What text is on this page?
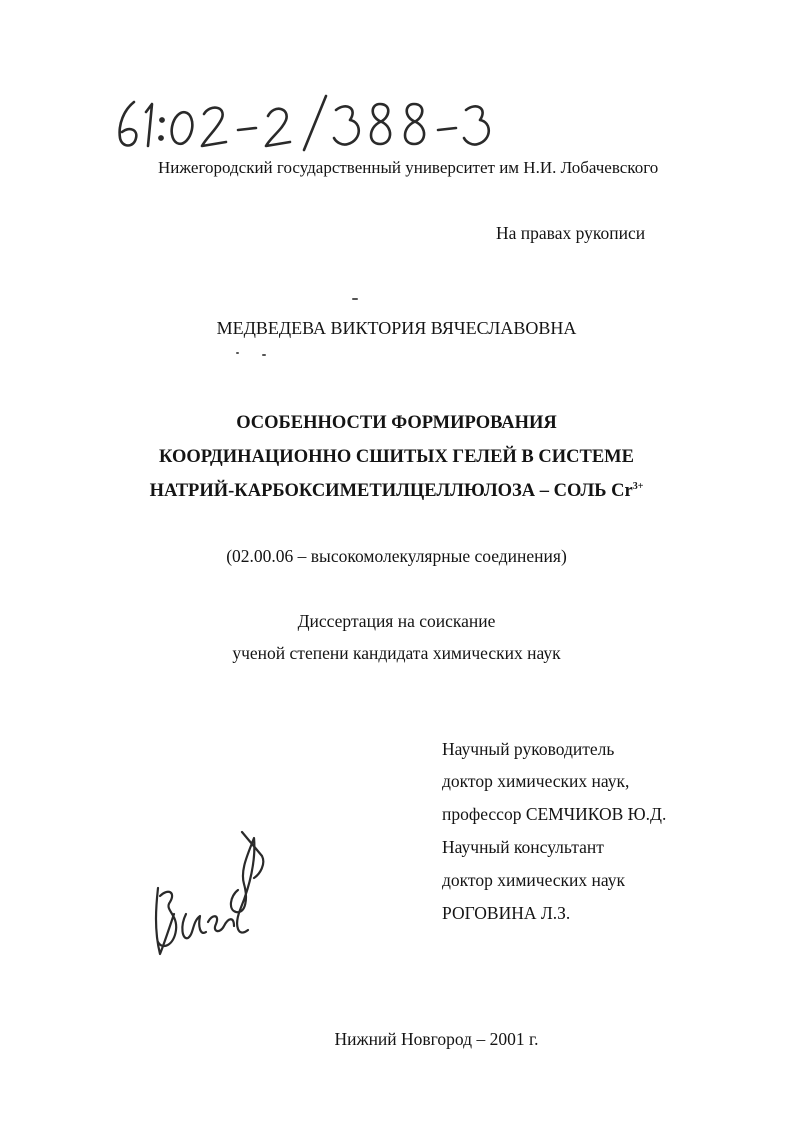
Нижегородский государственный университет им Н.И. Лобачевского
На правах рукописи
МЕДВЕДЕВА ВИКТОРИЯ ВЯЧЕСЛАВОВНА
ОСОБЕННОСТИ ФОРМИРОВАНИЯ
КООРДИНАЦИОННО СШИТЫХ ГЕЛЕЙ В СИСТЕМЕ
НАТРИЙ-КАРБОКСИМЕТИЛЦЕЛЛЮЛОЗА – СОЛЬ $Cr^{3+}$
(02.00.06 – высокомолекулярные соединения)
Диссертация на соискание
ученой степени кандидата химических наук
Научный руководитель
доктор химических наук,
профессор СЕМЧИКОВ Ю.Д.
Научный консультант
доктор химических наук
РОГОВИНА Л.З.
Нижний Новгород – 2001 г.
